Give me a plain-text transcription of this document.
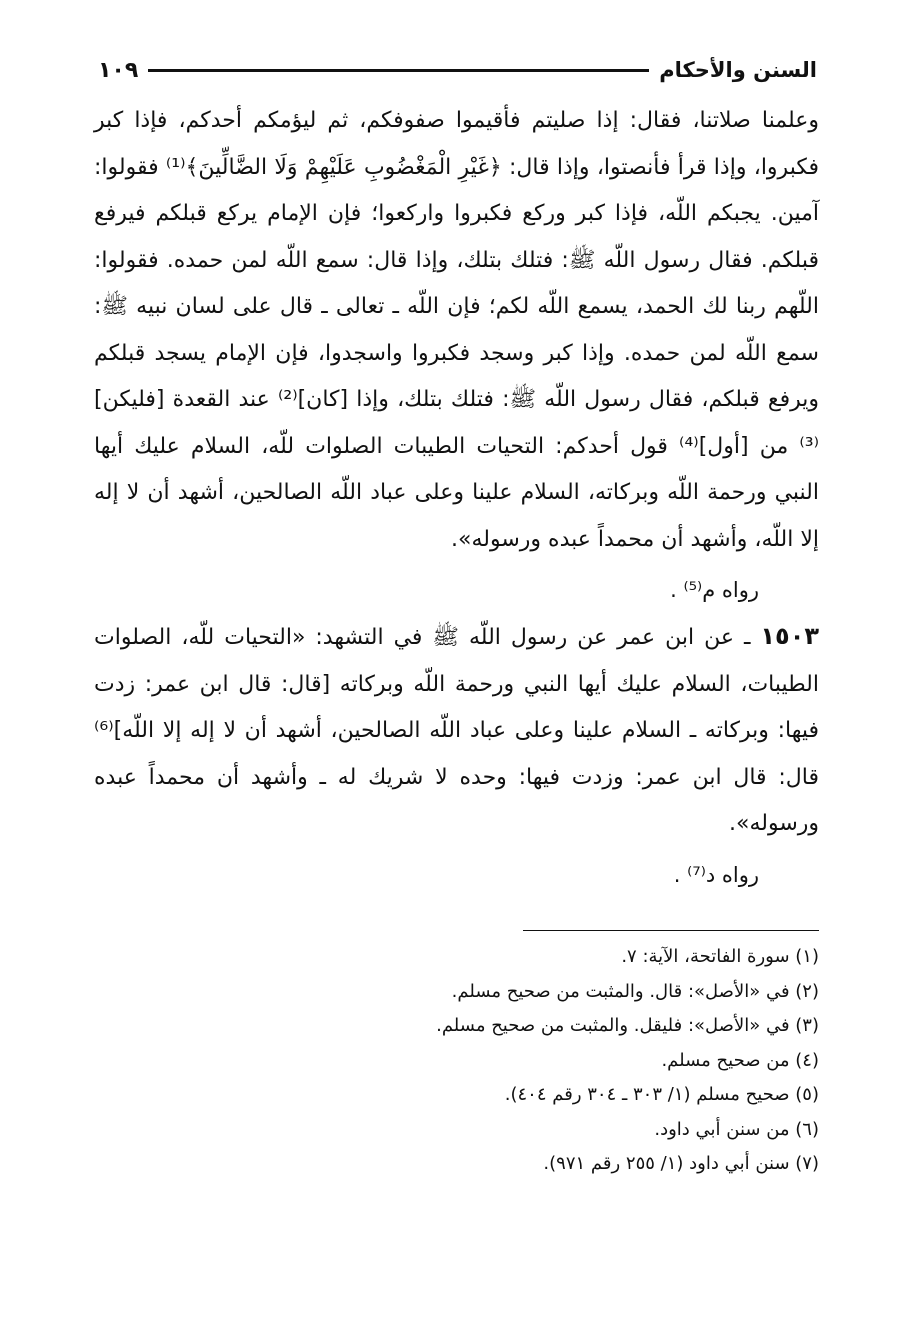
السنن والأحكام
١٠٩

وعلمنا صلاتنا، فقال: إذا صليتم فأقيموا صفوفكم، ثم ليؤمكم أحدكم، فإذا كبر فكبروا، وإذا قرأ فأنصتوا، وإذا قال: ﴿غَيْرِ الْمَغْضُوبِ عَلَيْهِمْ وَلَا الضَّالِّينَ﴾⁽¹⁾ فقولوا: آمين. يجبكم اللّه، فإذا كبر وركع فكبروا واركعوا؛ فإن الإمام يركع قبلكم فيرفع قبلكم. فقال رسول اللّه ﷺ: فتلك بتلك، وإذا قال: سمع اللّه لمن حمده. فقولوا: اللّهم ربنا لك الحمد، يسمع اللّه لكم؛ فإن اللّه ـ تعالى ـ قال على لسان نبيه ﷺ: سمع اللّه لمن حمده. وإذا كبر وسجد فكبروا واسجدوا، فإن الإمام يسجد قبلكم ويرفع قبلكم، فقال رسول اللّه ﷺ: فتلك بتلك، وإذا [كان]⁽²⁾ عند القعدة [فليكن]⁽³⁾ من [أول]⁽⁴⁾ قول أحدكم: التحيات الطيبات الصلوات للّه، السلام عليك أيها النبي ورحمة اللّه وبركاته، السلام علينا وعلى عباد اللّه الصالحين، أشهد أن لا إله إلا اللّه، وأشهد أن محمداً عبده ورسوله».

رواه م⁽⁵⁾ .

١٥٠٣ ـ عن ابن عمر عن رسول اللّه ﷺ في التشهد: «التحيات للّه، الصلوات الطيبات، السلام عليك أيها النبي ورحمة اللّه وبركاته [قال: قال ابن عمر: زدت فيها: وبركاته ـ السلام علينا وعلى عباد اللّه الصالحين، أشهد أن لا إله إلا اللّه]⁽⁶⁾ قال: قال ابن عمر: وزدت فيها: وحده لا شريك له ـ وأشهد أن محمداً عبده ورسوله».

رواه د⁽⁷⁾ .

(١) سورة الفاتحة، الآية: ٧.
(٢) في «الأصل»: قال. والمثبت من صحيح مسلم.
(٣) في «الأصل»: فليقل. والمثبت من صحيح مسلم.
(٤) من صحيح مسلم.
(٥) صحيح مسلم (١/ ٣٠٣ ـ ٣٠٤ رقم ٤٠٤).
(٦) من سنن أبي داود.
(٧) سنن أبي داود (١/ ٢٥٥ رقم ٩٧١).
